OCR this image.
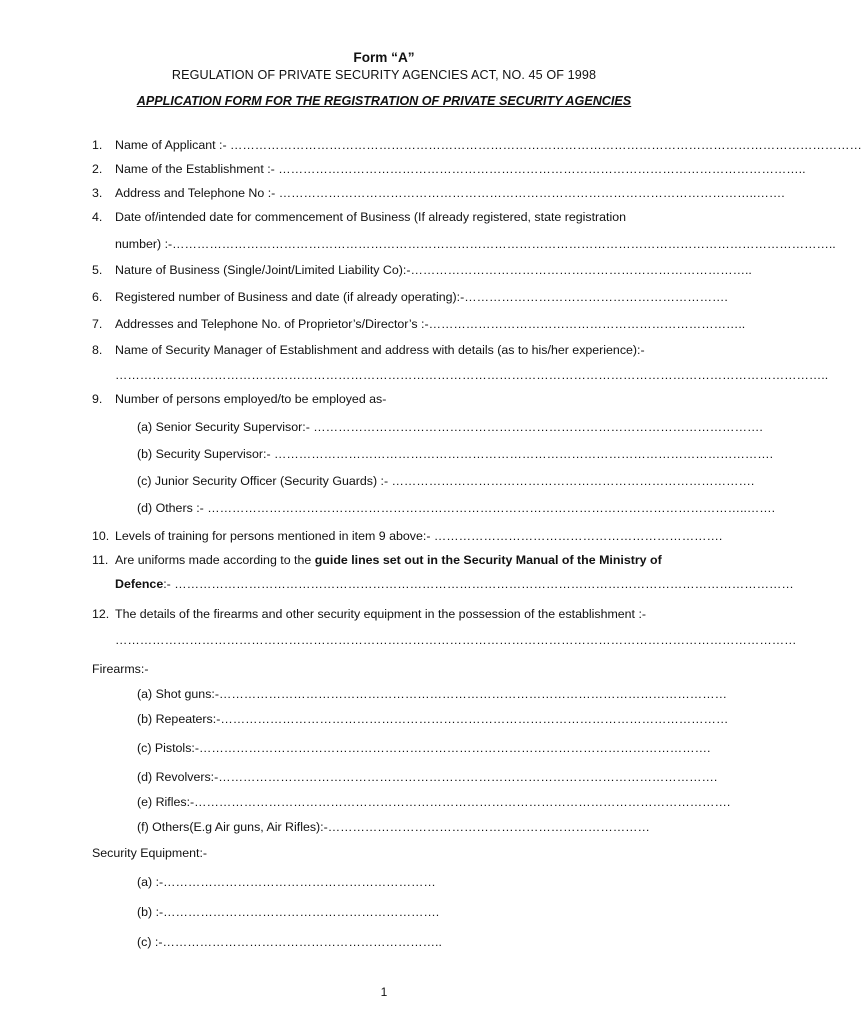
Form “A”
REGULATION OF PRIVATE SECURITY AGENCIES ACT, NO. 45 OF 1998
APPLICATION FORM FOR THE REGISTRATION OF PRIVATE SECURITY AGENCIES
1. Name of Applicant :- ………………………………………………………………………………………………………………………………………
2. Name of the Establishment :- ………………………………………………………………………………………………………………..
3. Address and Telephone No :- ……………………………………………………………………………………………………..…….
4. Date of/intended date for commencement of Business (If already registered, state registration
number) :-……………………………………………………………………………………………………………………………………………..
5. Nature of Business (Single/Joint/Limited Liability Co):-………………………………………………………………………..
6. Registered number of Business and date (if already operating):-……………………………………………………….
7. Addresses and Telephone No. of Proprietor’s/Director’s :-…………………………………………………………………..
8. Name of Security Manager of Establishment and address with details (as to his/her experience):-
………………………………………………………………………………………………………………………………………………………..
9. Number of persons employed/to be employed as-
(a) Senior Security Supervisor:- ……………………………………………………………………………………………….
(b) Security Supervisor:- ………………………………………………………………………………………………………….
(c) Junior Security Officer (Security Guards) :- …………………………………………………………………………….
(d) Others :- …………………………………………………………………………………………………………………..…….
10. Levels of training for persons mentioned in item 9 above:- …………………………………………………………….
11. Are uniforms made according to the guide lines set out in the Security Manual of the Ministry of
Defence:- ……………………………………………………………………………………………………………………………………
12. The details of the firearms and other security equipment in the possession of the establishment :-
…………………………………………………………………………………………………………………………………………………
Firearms:-
(a) Shot guns:-……………………………………………………………………………………………………………
(b) Repeaters:-……………………………………………………………………………………………………………
(c) Pistols:-…………………………………………………………………………………………………………….
(d) Revolvers:-………………………………………………………………………………………………………….
(e) Rifles:-………………………………………………………………………………………………………………….
(f) Others(E.g Air guns, Air Rifles):-……………………………………………………………………
Security Equipment:-
(a) :-…………………………………………………………
(b) :-………………………………………………………….
(c) :-…………………………………………………………..
1
